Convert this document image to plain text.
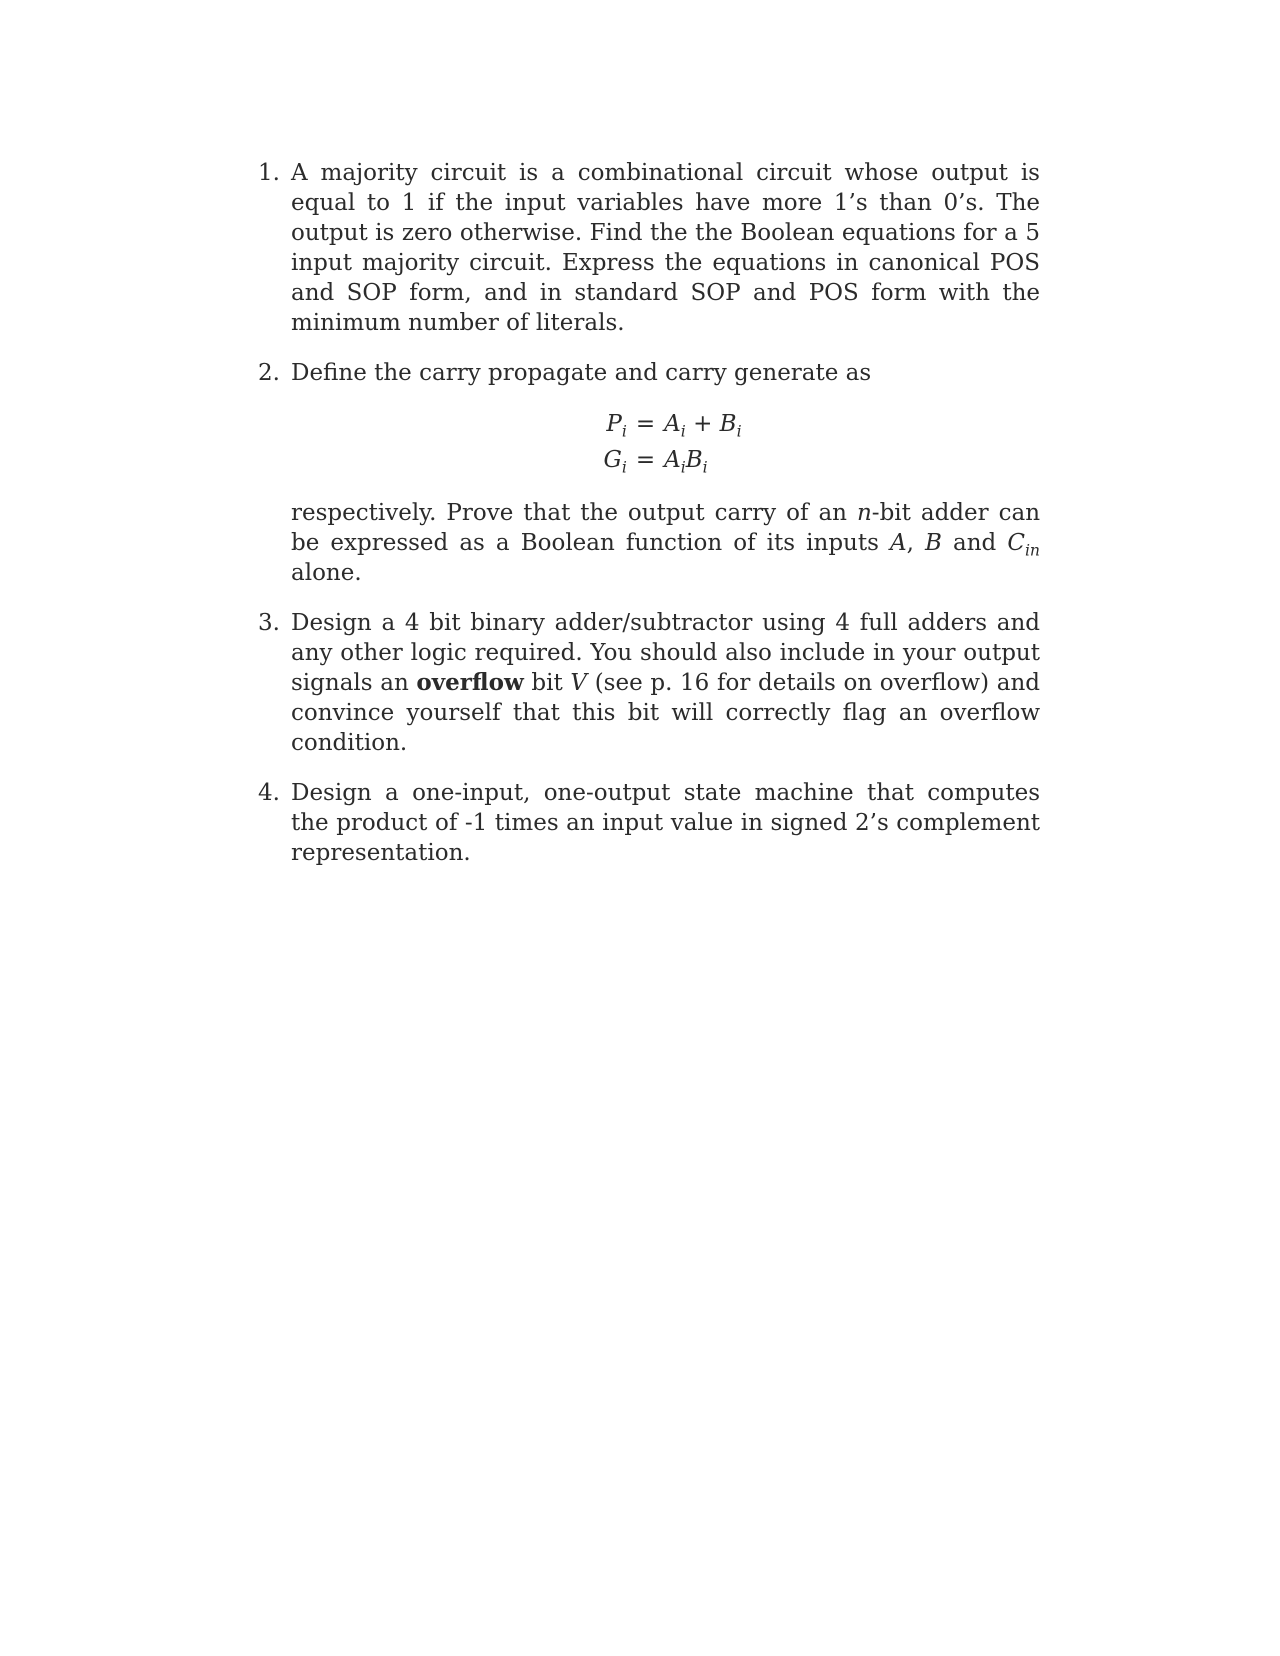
1. A majority circuit is a combinational circuit whose output is equal to 1 if the input variables have more 1’s than 0’s. The output is zero otherwise. Find the the Boolean equations for a 5 input majority circuit. Express the equations in canonical POS and SOP form, and in standard SOP and POS form with the minimum number of literals.
2. Define the carry propagate and carry generate as
$P_i = A_i + B_i$
$G_i = A_iB_i$
respectively. Prove that the output carry of an n-bit adder can be expressed as a Boolean function of its inputs A, B and $C_{in}$ alone.
3. Design a 4 bit binary adder/subtractor using 4 full adders and any other logic required. You should also include in your output signals an overflow bit V (see p. 16 for details on overflow) and convince yourself that this bit will correctly flag an overflow condition.
4. Design a one-input, one-output state machine that computes the product of -1 times an input value in signed 2’s complement representation.
